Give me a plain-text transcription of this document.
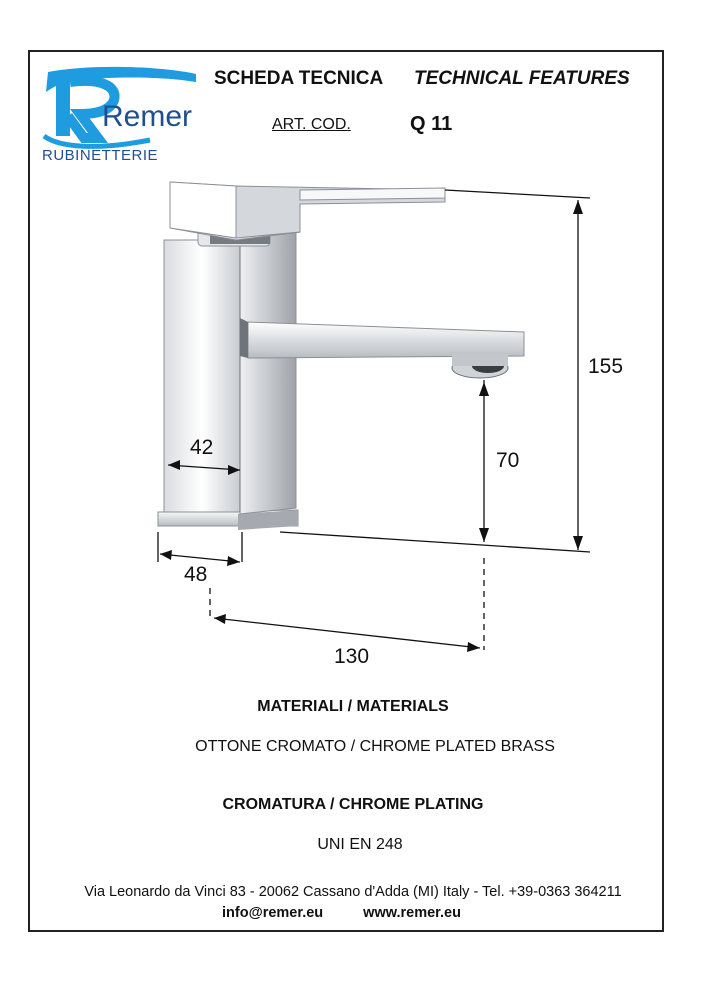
Remer
RUBINETTERIE
SCHEDA TECNICA TECHNICAL FEATURES
ART. COD.	Q 11
155
70
42
48
130
MATERIALI / MATERIALS
OTTONE CROMATO / CHROME PLATED BRASS
CROMATURA / CHROME PLATING
UNI EN 248
Via Leonardo da Vinci 83 - 20062 Cassano d'Adda (MI) Italy - Tel. +39-0363 364211
info@remer.eu	www.remer.eu
